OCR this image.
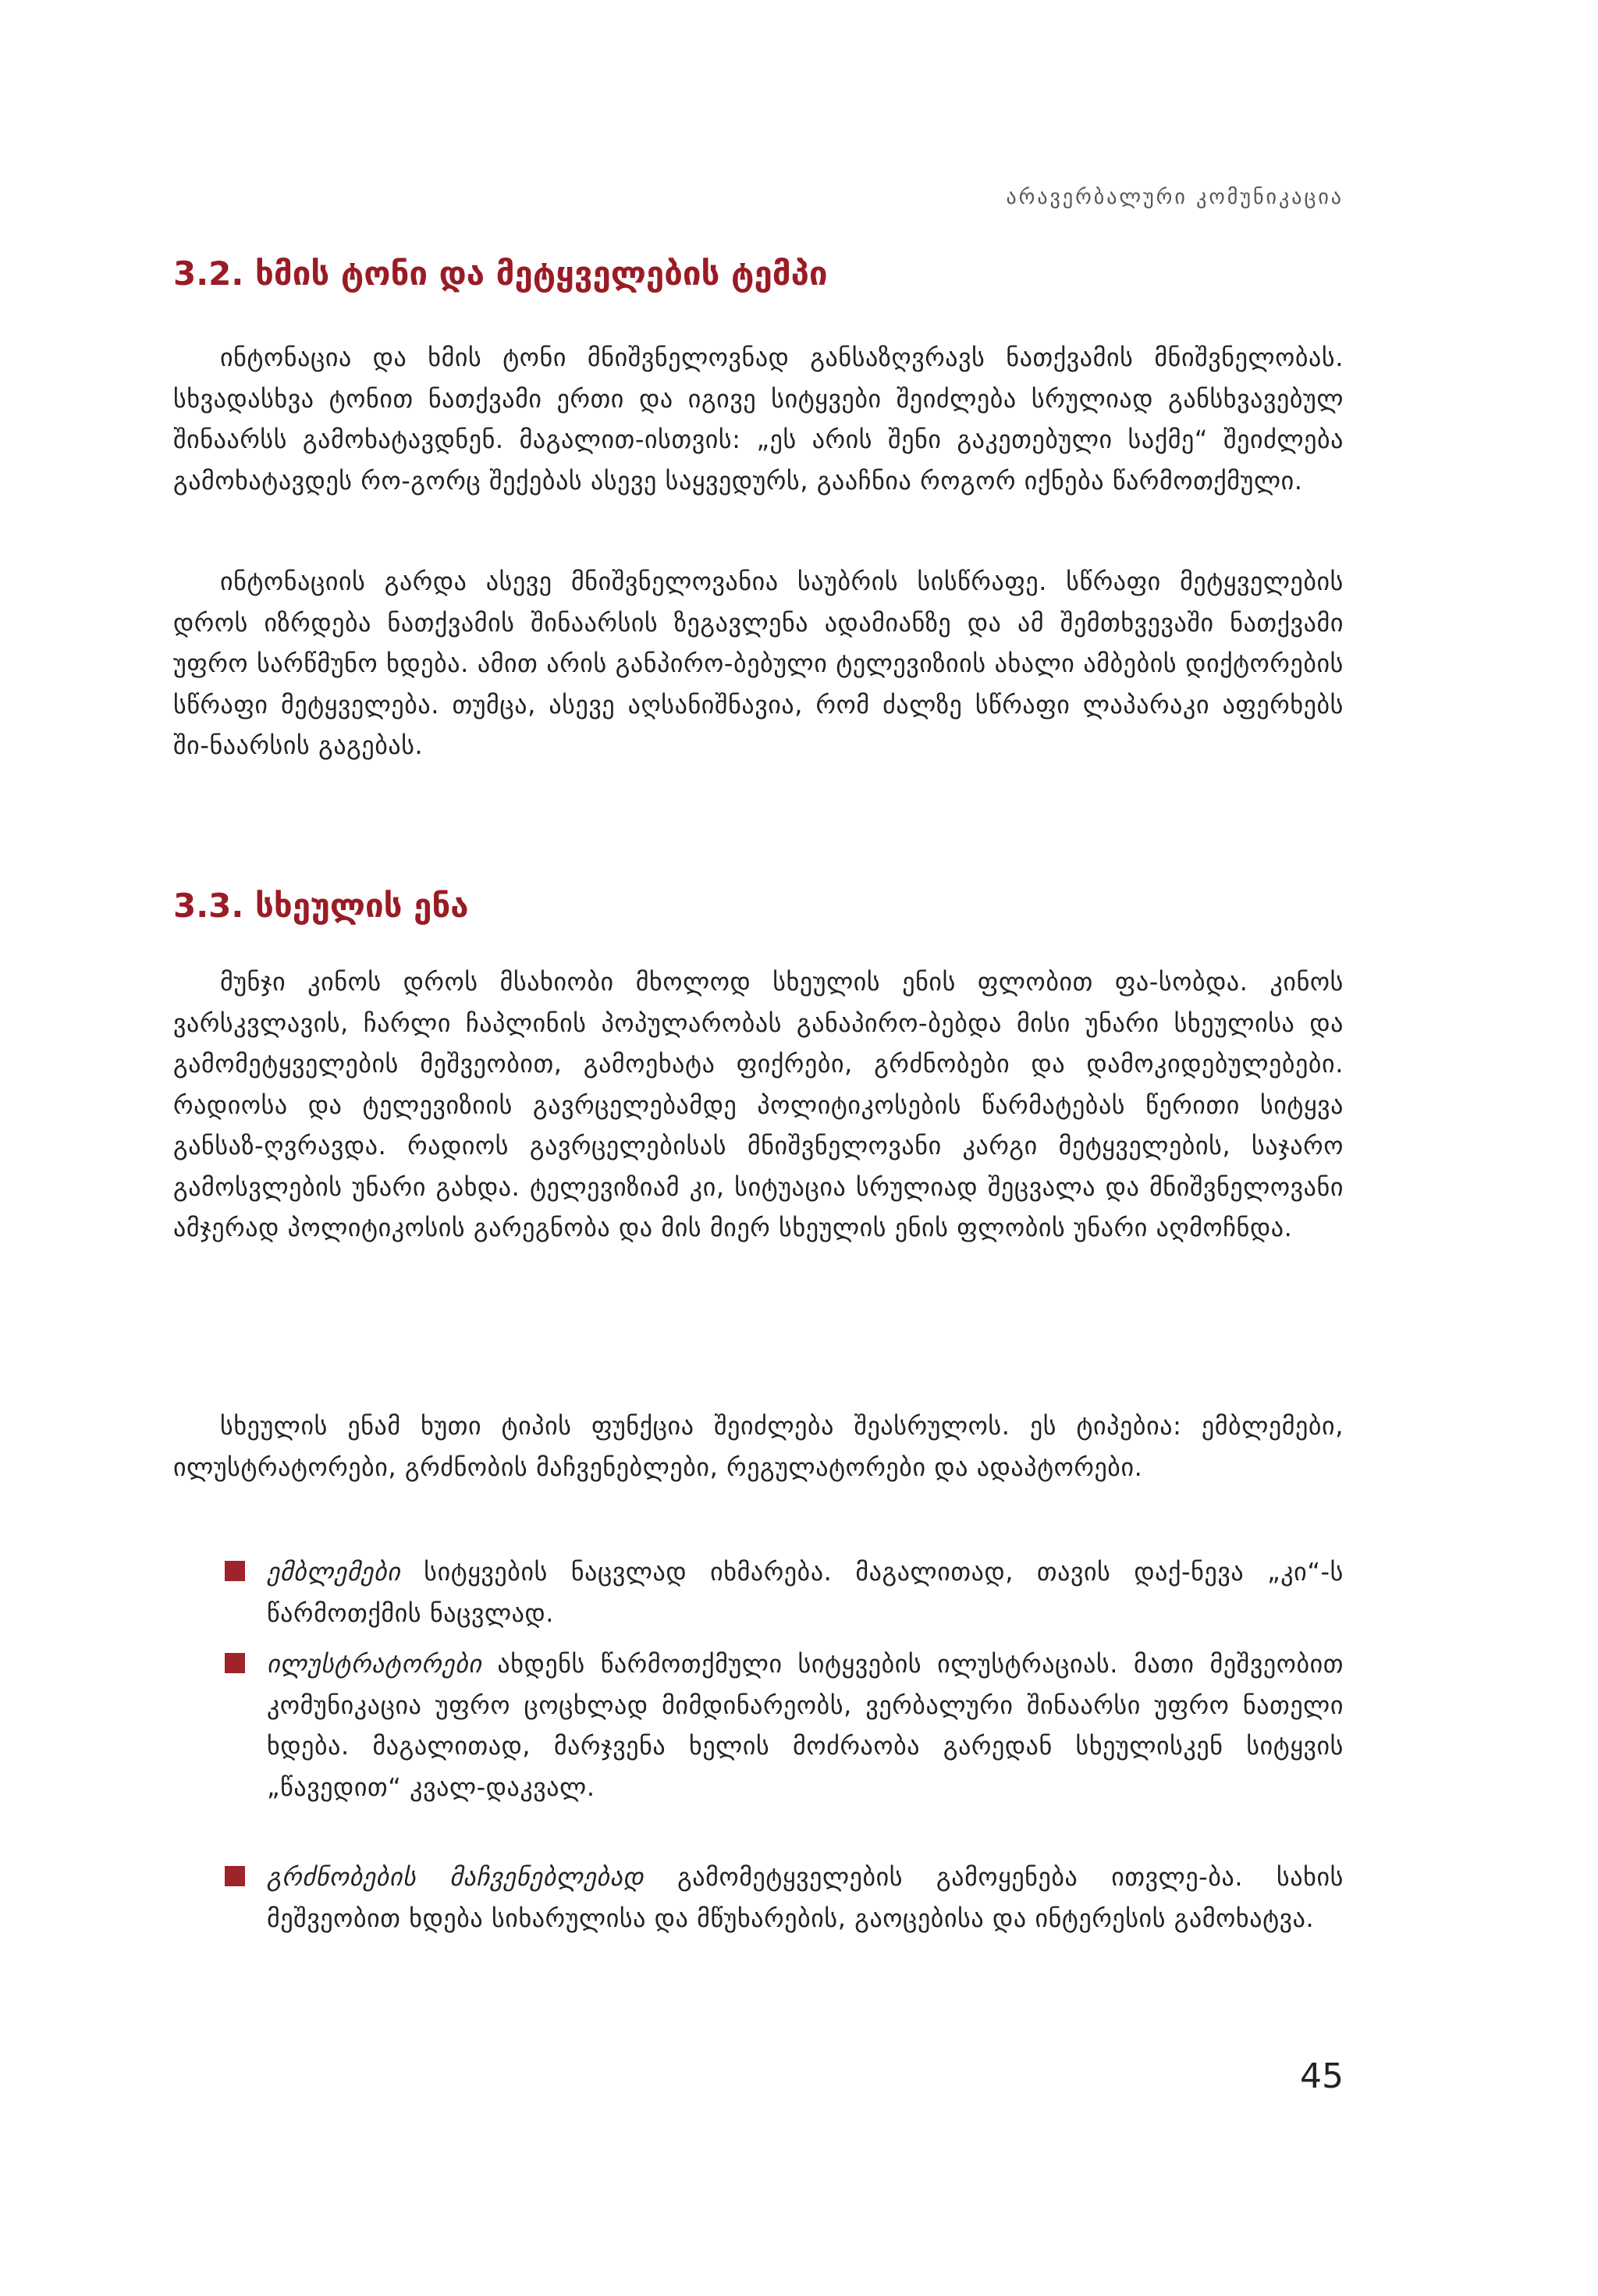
არავერბალური კომუნიკაცია
3.2. ხმის ტონი და მეტყველების ტემპი

ინტონაცია და ხმის ტონი მნიშვნელოვნად განსაზღვრავს ნათქვამის მნიშვნელობას. სხვადასხვა ტონით ნათქვამი ერთი და იგივე სიტყვები შეიძლება სრულიად განსხვავებულ შინაარსს გამოხატავდნენ. მაგალით-ისთვის: „ეს არის შენი გაკეთებული საქმე“ შეიძლება გამოხატავდეს რო-გორც შექებას ასევე საყვედურს, გააჩნია როგორ იქნება წარმოთქმული.

ინტონაციის გარდა ასევე მნიშვნელოვანია საუბრის სისწრაფე. სწრაფი მეტყველების დროს იზრდება ნათქვამის შინაარსის ზეგავლენა ადამიანზე და ამ შემთხვევაში ნათქვამი უფრო სარწმუნო ხდება. ამით არის განპირო-ბებული ტელევიზიის ახალი ამბების დიქტორების სწრაფი მეტყველება. თუმცა, ასევე აღსანიშნავია, რომ ძალზე სწრაფი ლაპარაკი აფერხებს ში-ნაარსის გაგებას.

3.3. სხეულის ენა

მუნჯი კინოს დროს მსახიობი მხოლოდ სხეულის ენის ფლობით ფა-სობდა. კინოს ვარსკვლავის, ჩარლი ჩაპლინის პოპულარობას განაპირო-ბებდა მისი უნარი სხეულისა და გამომეტყველების მეშვეობით, გამოეხატა ფიქრები, გრძნობები და დამოკიდებულებები. რადიოსა და ტელევიზიის გავრცელებამდე პოლიტიკოსების წარმატებას წერითი სიტყვა განსაზ-ღვრავდა. რადიოს გავრცელებისას მნიშვნელოვანი კარგი მეტყველების, საჯარო გამოსვლების უნარი გახდა. ტელევიზიამ კი, სიტუაცია სრულიად შეცვალა და მნიშვნელოვანი ამჯერად პოლიტიკოსის გარეგნობა და მის მიერ სხეულის ენის ფლობის უნარი აღმოჩნდა.

სხეულის ენამ ხუთი ტიპის ფუნქცია შეიძლება შეასრულოს. ეს ტიპებია: ემბლემები, ილუსტრატორები, გრძნობის მაჩვენებლები, რეგულატორები და ადაპტორები.

ემბლემები სიტყვების ნაცვლად იხმარება. მაგალითად, თავის დაქ-ნევა „კი“-ს წარმოთქმის ნაცვლად.
ილუსტრატორები ახდენს წარმოთქმული სიტყვების ილუსტრაციას. მათი მეშვეობით კომუნიკაცია უფრო ცოცხლად მიმდინარეობს, ვერბალური შინაარსი უფრო ნათელი ხდება. მაგალითად, მარჯვენა ხელის მოძრაობა გარედან სხეულისკენ სიტყვის „წავედით“ კვალ-დაკვალ.
გრძნობების მაჩვენებლებად გამომეტყველების გამოყენება ითვლე-ბა. სახის მეშვეობით ხდება სიხარულისა და მწუხარების, გაოცებისა და ინტერესის გამოხატვა.
45
